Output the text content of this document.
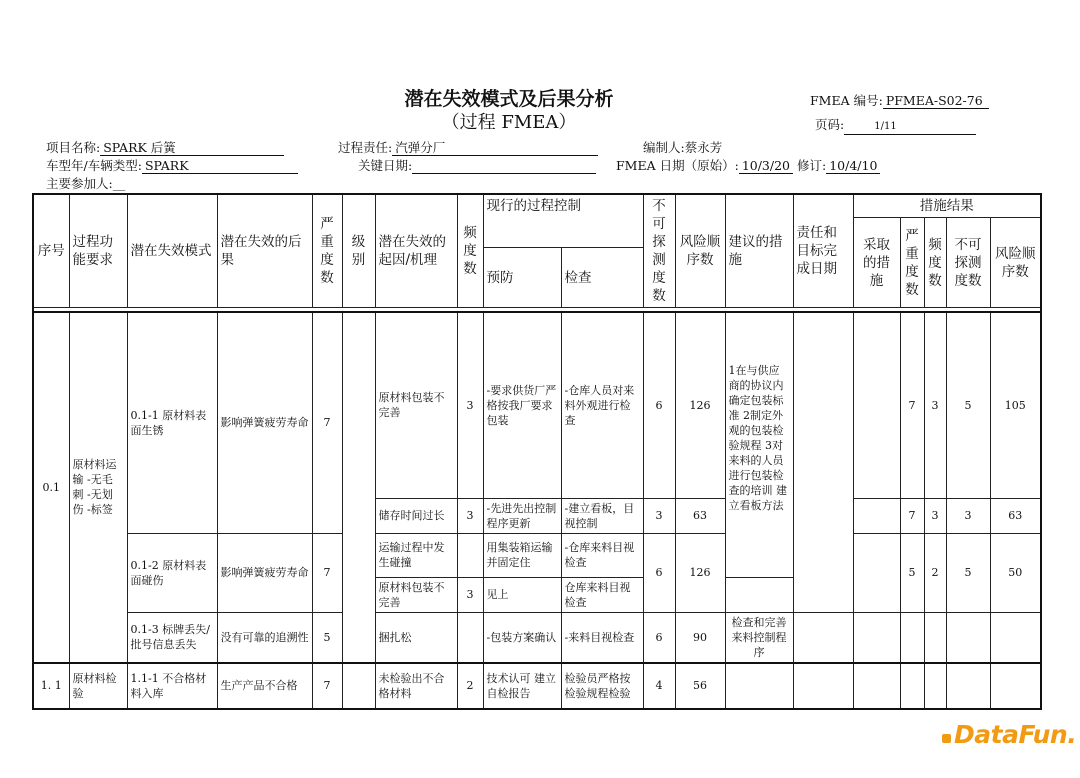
潜在失效模式及后果分析
（过程 FMEA）
FMEA 编号: PFMEA-S02-76
页码:	1/11
项目名称: SPARK 后簧	过程责任: 汽弹分厂	编制人:蔡永芳
车型年/车辆类型: SPARK	关键日期:	FMEA 日期（原始）: 10/3/20 修订: 10/4/10
主要参加人:__
序号	过程功能要求	潜在失效模式	潜在失效的后果	严重度数	级别	潜在失效的起因/机理	频度数	现行的过程控制		不可探测度数	风险顺序数	建议的措施	责任和目标完成日期	措施结果				
														采取的措施	严重度数	频度数	不可探测度数	风险顺序数
								预防	检查									

0.1	原材料运输 -无毛刺 -无划伤 -标签	0.1-1 原材料表面生锈	影响弹簧疲劳寿命	7		原材料包装不完善	3	-要求供货厂严格按我厂要求包装	-仓库人员对来料外观进行检查	6	126	1在与供应商的协议内确定包装标准 2制定外观的包装检验规程 3对来料的人员进行包装检查的培训 建立看板方法			7	3	5	105
						储存时间过长	3	-先进先出控制程序更新	-建立看板，目视控制	3	63				7	3	3	63
		0.1-2 原材料表面碰伤	影响弹簧疲劳寿命	7		运输过程中发生碰撞		用集装箱运输并固定住	-仓库来料目视检查	6	126				5	2	5	50
						原材料包装不完善	3	见上	仓库来料目视检查									
		0.1-3 标牌丢失/批号信息丢失	没有可靠的追溯性	5		捆扎松		-包装方案确认	-来料目视检查	6	90	检查和完善来料控制程序						
1. 1	原材料检验	1.1-1 不合格材料入库	生产产品不合格	7		未检验出不合格材料	2	技术认可 建立自检报告	检验员严格按检验规程检验	4	56							
DataFun.
